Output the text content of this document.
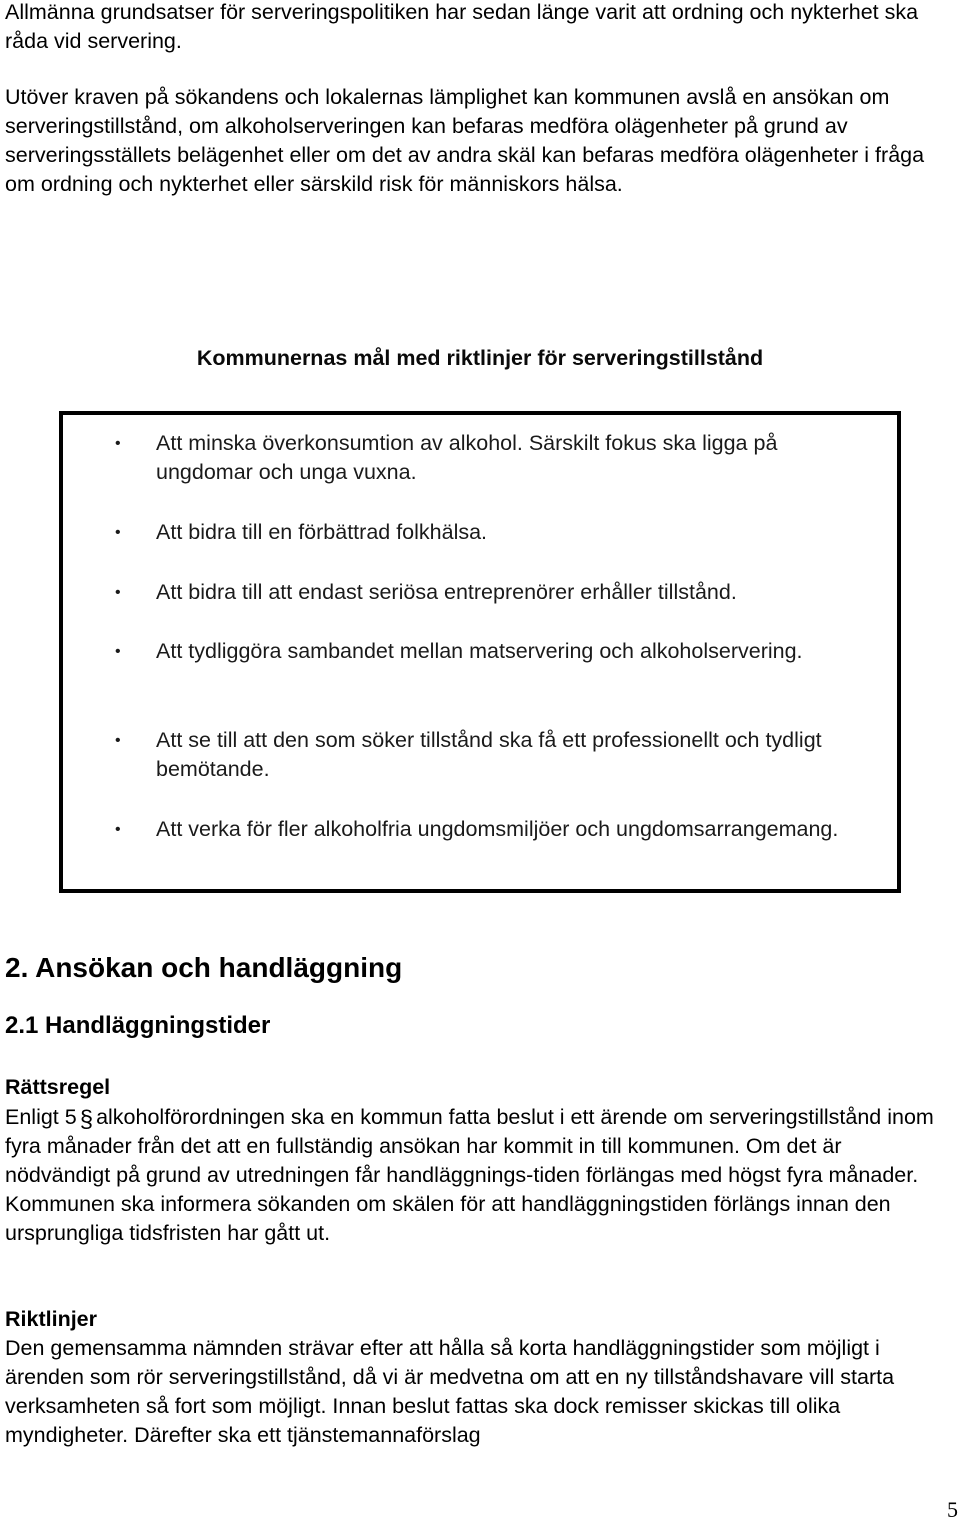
Allmänna grundsatser för serveringspolitiken har sedan länge varit att ordning och nykterhet ska råda vid servering.

Utöver kraven på sökandens och lokalernas lämplighet kan kommunen avslå en ansökan om serveringstillstånd, om alkoholserveringen kan befaras medföra olägenheter på grund av serveringsställets belägenhet eller om det av andra skäl kan befaras medföra olägenheter i fråga om ordning och nykterhet eller särskild risk för människors hälsa.

Kommunernas mål med riktlinjer för serveringstillstånd
• Att minska överkonsumtion av alkohol. Särskilt fokus ska ligga på ungdomar och unga vuxna.
• Att bidra till en förbättrad folkhälsa.
• Att bidra till att endast seriösa entreprenörer erhåller tillstånd.
• Att tydliggöra sambandet mellan matservering och alkoholservering.
• Att se till att den som söker tillstånd ska få ett professionellt och tydligt bemötande.
• Att verka för fler alkoholfria ungdomsmiljöer och ungdomsarrangemang.
2. Ansökan och handläggning
2.1 Handläggningstider
Rättsregel

Enligt 5 § alkoholförordningen ska en kommun fatta beslut i ett ärende om serveringstillstånd inom fyra månader från det att en fullständig ansökan har kommit in till kommunen. Om det är nödvändigt på grund av utredningen får handläggnings-tiden förlängas med högst fyra månader. Kommunen ska informera sökanden om skälen för att handläggningstiden förlängs innan den ursprungliga tidsfristen har gått ut.

Riktlinjer

Den gemensamma nämnden strävar efter att hålla så korta handläggningstider som möjligt i ärenden som rör serveringstillstånd, då vi är medvetna om att en ny tillståndshavare vill starta verksamheten så fort som möjligt. Innan beslut fattas ska dock remisser skickas till olika myndigheter. Därefter ska ett tjänstemannaförslag

5
